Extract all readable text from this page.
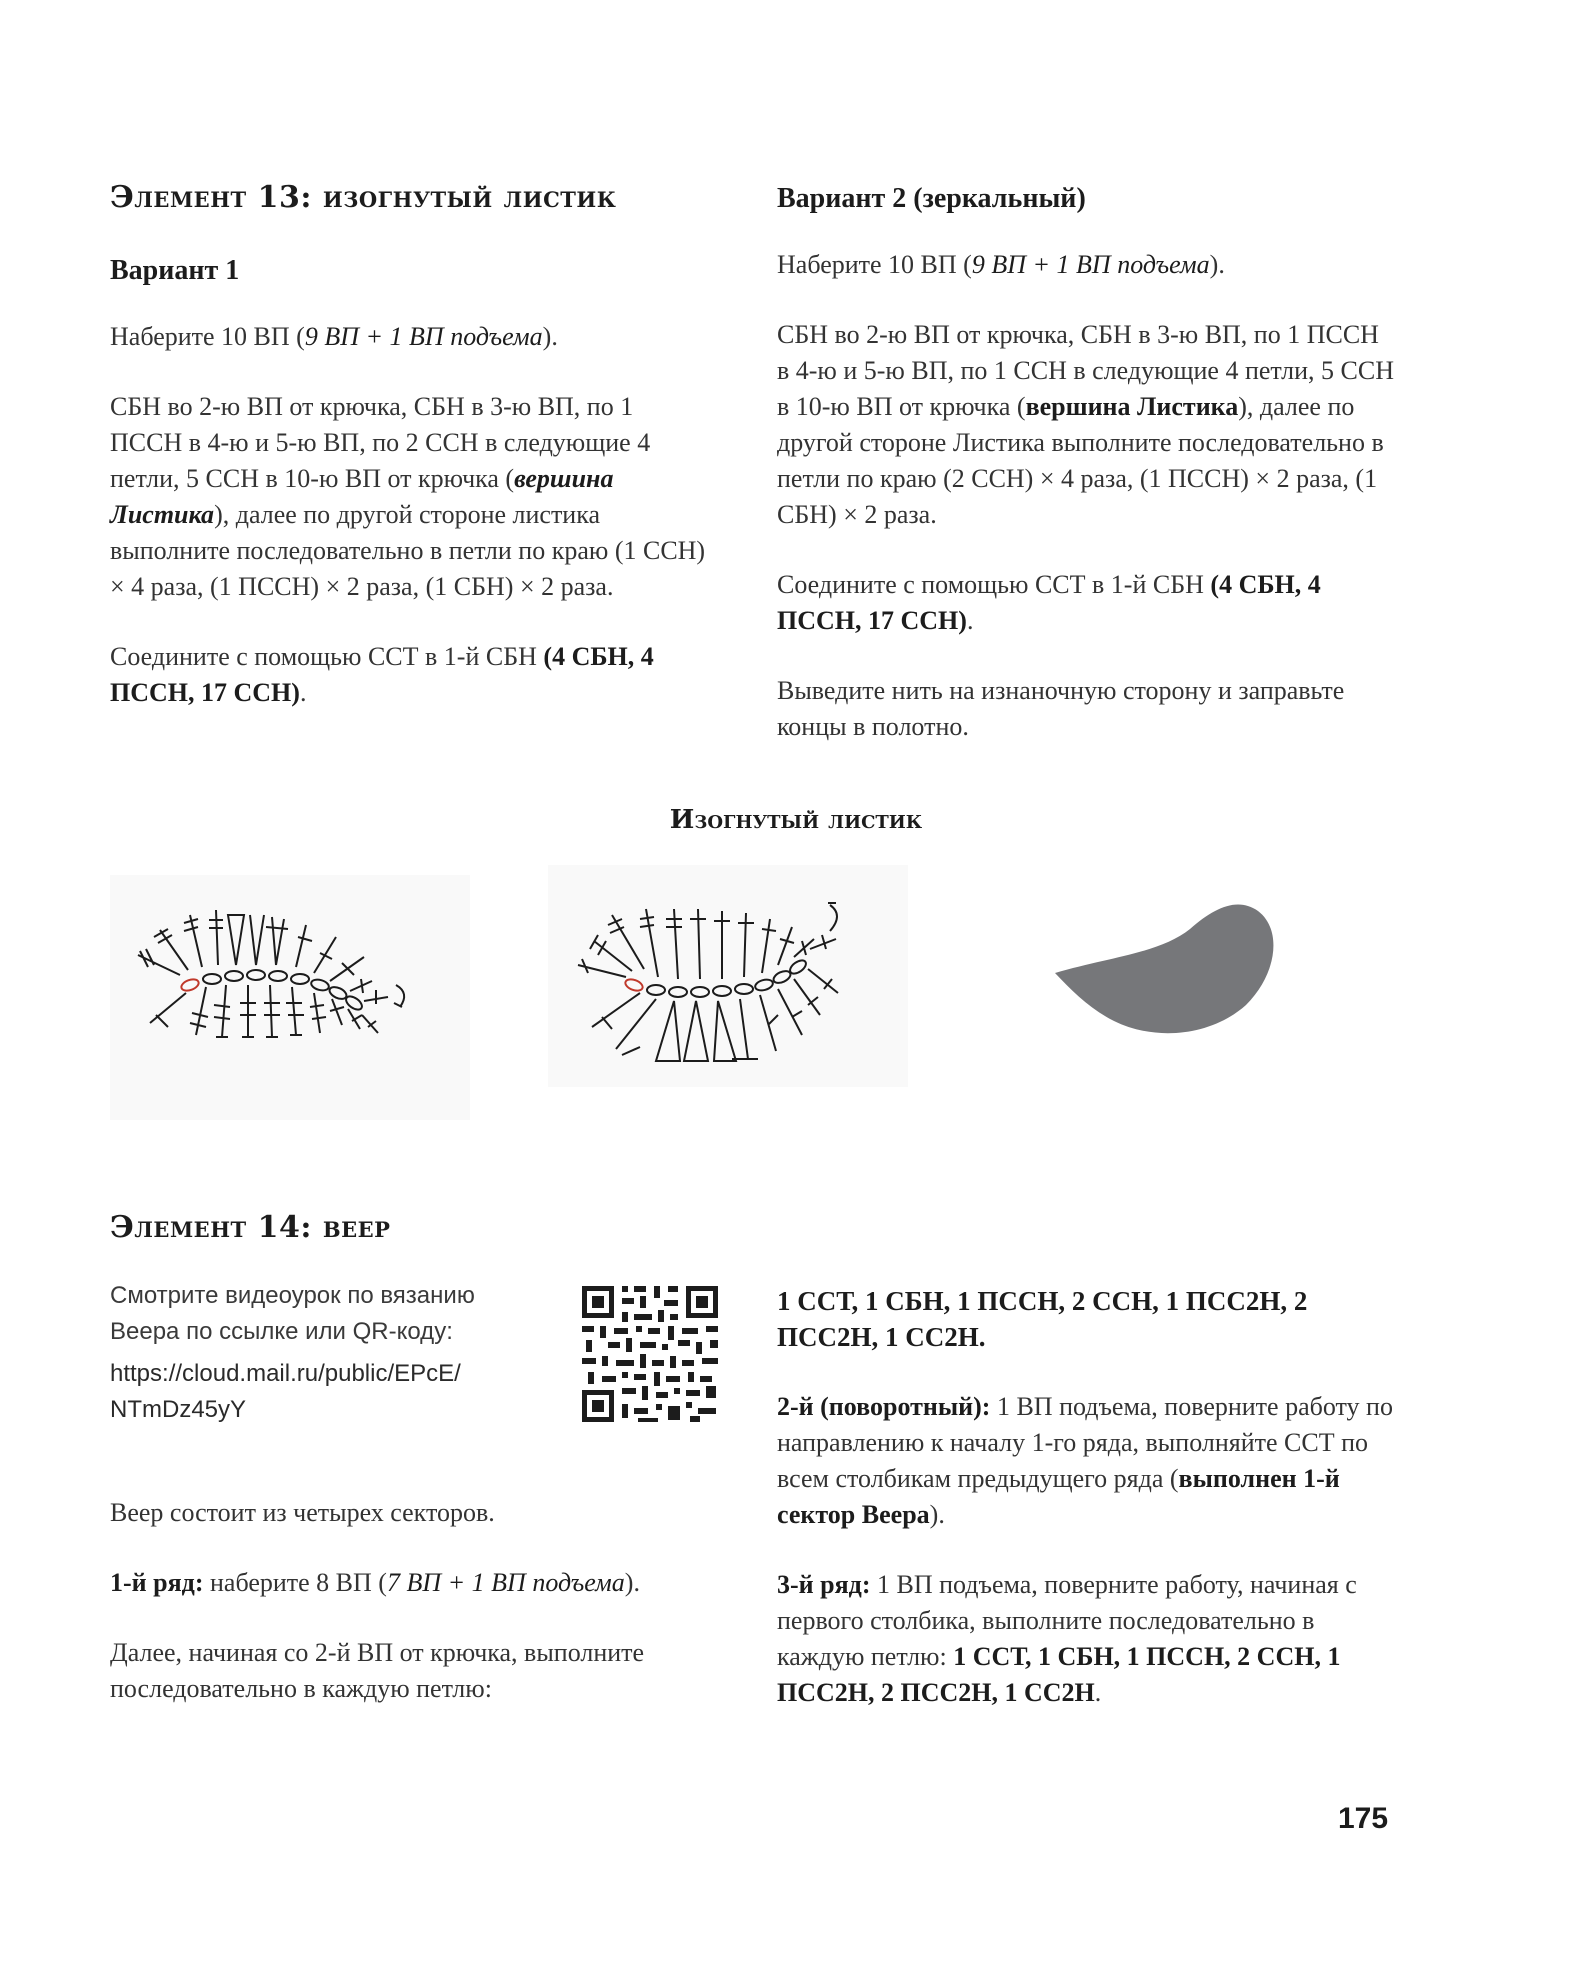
Элемент 13: изогнутый листик

Вариант 1

Наберите 10 ВП (9 ВП + 1 ВП подъема).

СБН во 2-ю ВП от крючка, СБН в 3-ю ВП, по 1 ПССН в 4-ю и 5-ю ВП, по 2 ССН в следующие 4 петли, 5 ССН в 10-ю ВП от крючка (вершина Листика), далее по другой стороне листика выполните последовательно в петли по краю (1 ССН) × 4 раза, (1 ПССН) × 2 раза, (1 СБН) × 2 раза.

Соедините с помощью ССТ в 1-й СБН (4 СБН, 4 ПССН, 17 ССН).

Вариант 2 (зеркальный)

Наберите 10 ВП (9 ВП + 1 ВП подъема).

СБН во 2-ю ВП от крючка, СБН в 3-ю ВП, по 1 ПССН в 4-ю и 5-ю ВП, по 1 ССН в следующие 4 петли, 5 ССН в 10-ю ВП от крючка (вершина Листика), далее по другой стороне Листика выполните последовательно в петли по краю (2 ССН) × 4 раза, (1 ПССН) × 2 раза, (1 СБН) × 2 раза.

Соедините с помощью ССТ в 1-й СБН (4 СБН, 4 ПССН, 17 ССН).

Выведите нить на изнаночную сторону и заправьте концы в полотно.

Изогнутый листик

Элемент 14: веер

Смотрите видеоурок по вязанию Веера по ссылке или QR-коду:

https://cloud.mail.ru/public/EPcE/
NTmDz45yY

Веер состоит из четырех секторов.

1-й ряд: наберите 8 ВП (7 ВП + 1 ВП подъема).

Далее, начиная со 2-й ВП от крючка, выполните последовательно в каждую петлю:

1 ССТ, 1 СБН, 1 ПССН, 2 ССН, 1 ПСС2Н, 2 ПСС2Н, 1 СС2Н.

2-й (поворотный): 1 ВП подъема, поверните работу по направлению к началу 1-го ряда, выполняйте ССТ по всем столбикам предыдущего ряда (выполнен 1-й сектор Веера).

3-й ряд: 1 ВП подъема, поверните работу, начиная с первого столбика, выполните последовательно в каждую петлю: 1 ССТ, 1 СБН, 1 ПССН, 2 ССН, 1 ПСС2Н, 2 ПСС2Н, 1 СС2Н.

175
